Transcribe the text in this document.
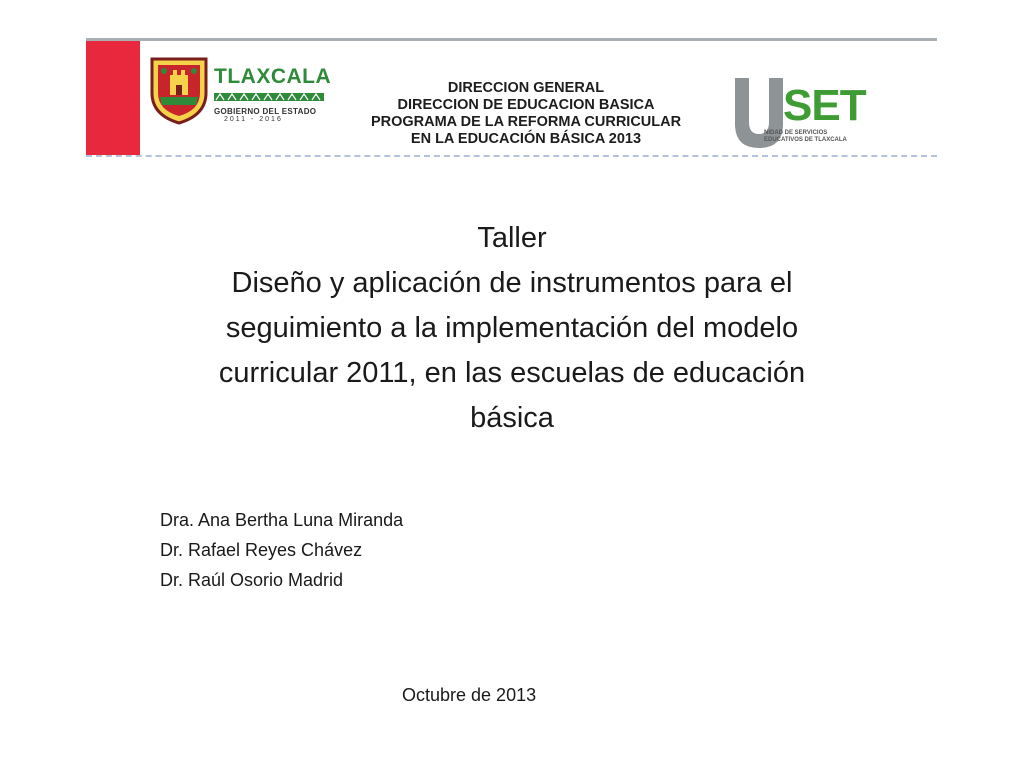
TLAXCALA
GOBIERNO DEL ESTADO
2011 - 2016
DIRECCION GENERAL
DIRECCION DE EDUCACION BASICA
PROGRAMA DE LA REFORMA CURRICULAR
EN LA EDUCACIÓN BÁSICA 2013
SET
NIDAD DE SERVICIOS
EDUCATIVOS DE TLAXCALA
Taller
Diseño y aplicación de instrumentos para el
seguimiento a la implementación del modelo
curricular 2011, en las escuelas de educación
básica
Dra. Ana Bertha Luna Miranda
Dr. Rafael Reyes Chávez
Dr. Raúl Osorio Madrid
Octubre de 2013
